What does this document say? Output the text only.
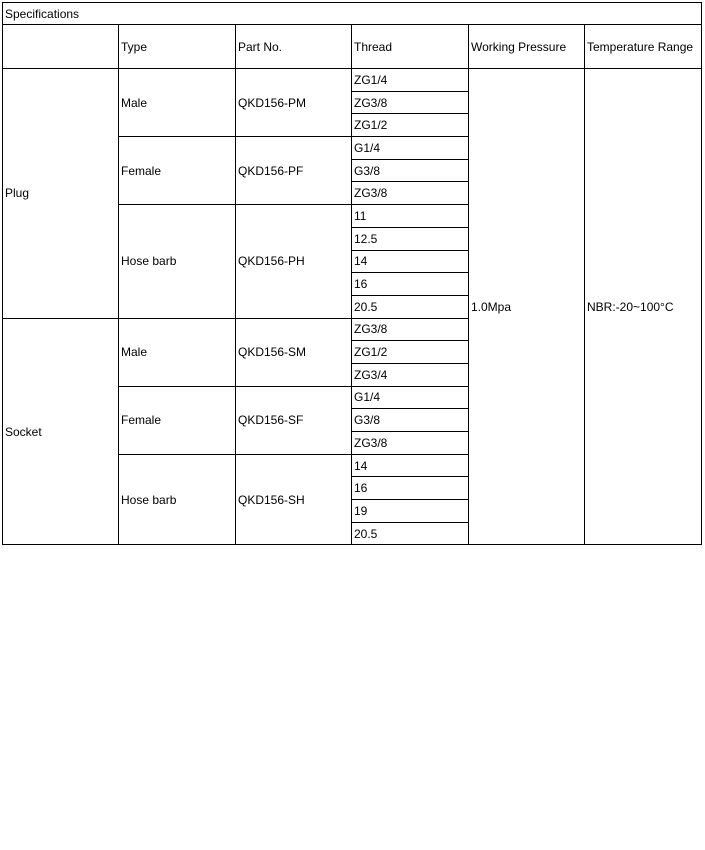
Specifications					
	Type	Part No.	Thread	Working Pressure	Temperature Range
Plug	Male	QKD156-PM	ZG1/4	1.0Mpa	NBR:-20~100°C
			ZG3/8		
			ZG1/2		
	Female	QKD156-PF	G1/4		
			G3/8		
			ZG3/8		
	Hose barb	QKD156-PH	11		
			12.5		
			14		
			16		
			20.5		
Socket	Male	QKD156-SM	ZG3/8		
			ZG1/2		
			ZG3/4		
	Female	QKD156-SF	G1/4		
			G3/8		
			ZG3/8		
	Hose barb	QKD156-SH	14		
			16		
			19		
			20.5		
